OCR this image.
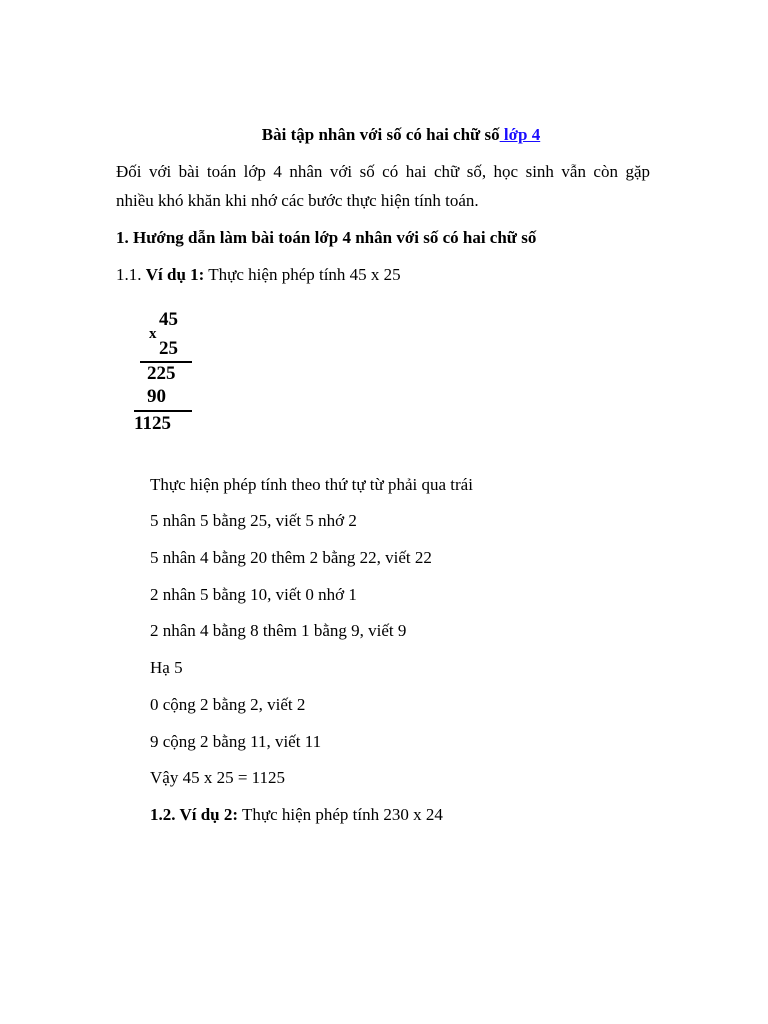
Bài tập nhân với số có hai chữ số lớp 4
Đối với bài toán lớp 4 nhân với số có hai chữ số, học sinh vẫn còn gặp
nhiều khó khăn khi nhớ các bước thực hiện tính toán.
1. Hướng dẫn làm bài toán lớp 4 nhân với số có hai chữ số
1.1. Ví dụ 1: Thực hiện phép tính 45 x 25
x
45
25
225
90
1125
Thực hiện phép tính theo thứ tự từ phải qua trái
5 nhân 5 bằng 25, viết 5 nhớ 2
5 nhân 4 bằng 20 thêm 2 bằng 22, viết 22
2 nhân 5 bằng 10, viết 0 nhớ 1
2 nhân 4 bằng 8 thêm 1 bằng 9, viết 9
Hạ 5
0 cộng 2 bằng 2, viết 2
9 cộng 2 bằng 11, viết 11
Vậy 45 x 25 = 1125
1.2. Ví dụ 2: Thực hiện phép tính 230 x 24
